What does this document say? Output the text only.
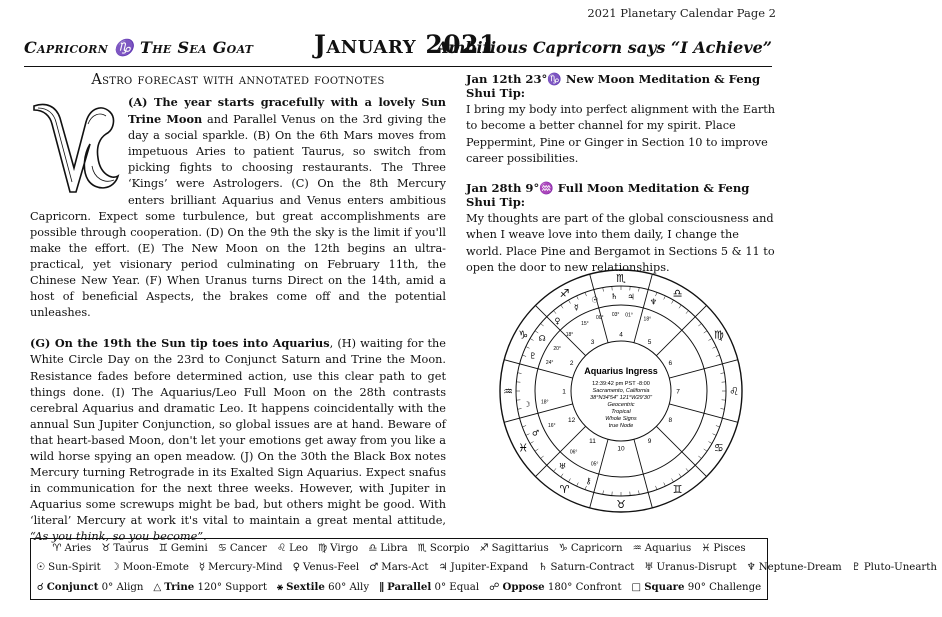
2021 Planetary Calendar Page 2
Capricorn ♑ The Sea Goat January 2021
Ambitious Capricorn says “I Achieve”
Astro forecast with annotated footnotes

(A) The year starts gracefully with a lovely Sun Trine Moon and Parallel Venus on the 3rd giving the day a social sparkle. (B) On the 6th Mars moves from impetuous Aries to patient Taurus, so switch from picking fights to choosing restaurants. The Three ‘Kings’ were Astrologers. (C) On the 8th Mercury enters brilliant Aquarius and Venus enters ambitious Capricorn. Expect some turbulence, but great accomplishments are possible through cooperation. (D) On the 9th the sky is the limit if you'll make the effort. (E) The New Moon on the 12th begins an ultra-practical, yet visionary period culminating on February 11th, the Chinese New Year. (F) When Uranus turns Direct on the 14th, amid a host of beneficial Aspects, the brakes come off and the potential unleashes.

(G) On the 19th the Sun tip toes into Aquarius, (H) waiting for the White Circle Day on the 23rd to Conjunct Saturn and Trine the Moon. Resistance fades before determined action, use this clear path to get things done. (I) The Aquarius/Leo Full Moon on the 28th contrasts cerebral Aquarius and dramatic Leo. It happens coincidentally with the annual Sun Jupiter Conjunction, so global issues are at hand. Beware of that heart-based Moon, don't let your emotions get away from you like a wild horse spying an open meadow. (J) On the 30th the Black Box notes Mercury turning Retrograde in its Exalted Sign Aquarius. Expect snafus in communication for the next three weeks. However, with Jupiter in Aquarius some screwups might be bad, but others might be good. With ‘literal’ Mercury at work it's vital to maintain a great mental attitude, “As you think, so you become”.

Jan 12th 23°♑ New Moon Meditation & Feng Shui Tip:

I bring my body into perfect alignment with the Earth to become a better channel for my spirit. Place Peppermint, Pine or Ginger in Section 10 to improve career possibilities.

Jan 28th 9°♒ Full Moon Meditation & Feng Shui Tip:

My thoughts are part of the global consciousness and when I weave love into them daily, I change the world. Place Pine and Bergamot in Sections 5 & 11 to open the door to new relationships.

Aquarius Ingress
12:39:42 pm PST -8:00
Sacramento, California
38°N34'54" 121°W29'30"
Geocentric
Tropical
Whole Signs
true Node
♒
♑
♐
♏
♎
♍
♌
♋
♊
♉
♈
♓
1
2
3
4
5
6
7
8
9
10
11
12
☉
00°
♄
03°
♃
01°
♆
18°
☿
15°
♀
18°
☊
20°
♇
24°
♂
16°
☽ 18°
♅
06°
⚷
05°
♈ Aries ♉ Taurus ♊ Gemini ♋ Cancer ♌ Leo ♍ Virgo ♎ Libra ♏ Scorpio ♐ Sagittarius ♑ Capricorn ♒ Aquarius ♓ Pisces
☉ Sun-Spirit ☽ Moon-Emote ☿ Mercury-Mind ♀ Venus-Feel ♂ Mars-Act ♃ Jupiter-Expand ♄ Saturn-Contract ♅ Uranus-Disrupt ♆ Neptune-Dream ♇ Pluto-Unearth
☌ Conjunct 0° Align △ Trine 120° Support ⚹ Sextile 60° Ally ∥ Parallel 0° Equal ☍ Oppose 180° Confront □ Square 90° Challenge
